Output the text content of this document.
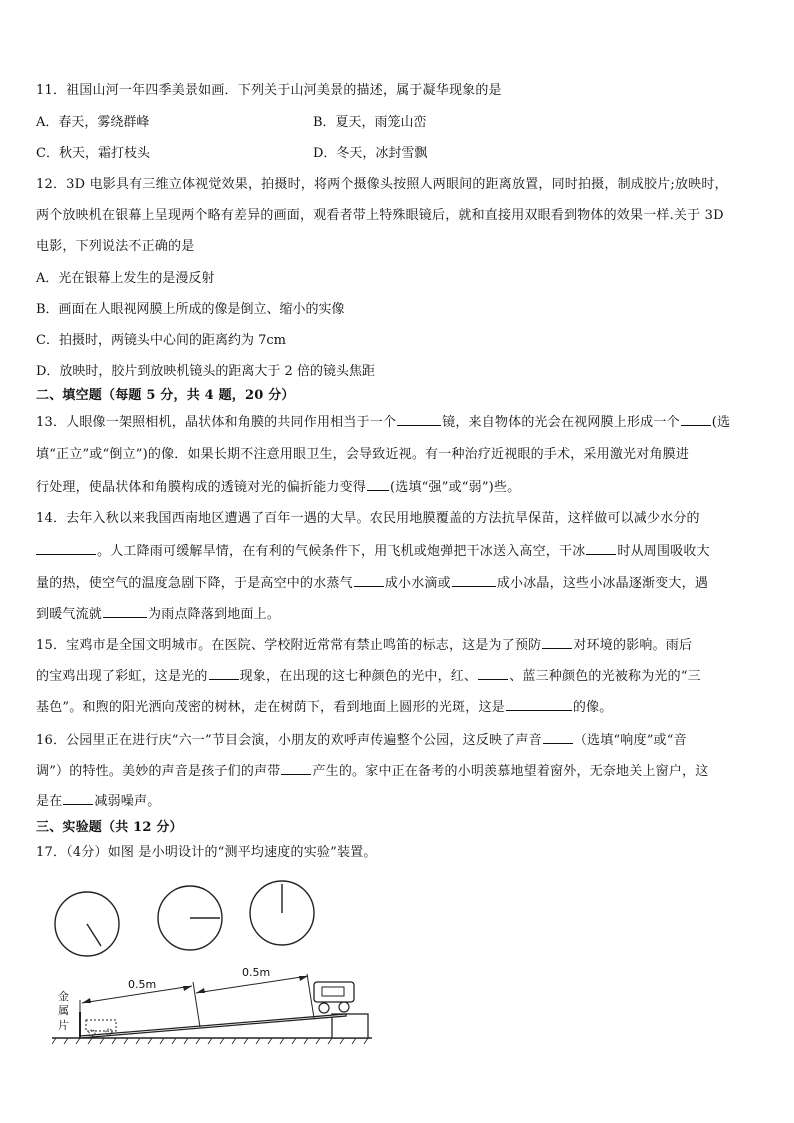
11．祖国山河一年四季美景如画．下列关于山河美景的描述，属于凝华现象的是
A．春天，雾绕群峰	B．夏天，雨笼山峦
C．秋天，霜打枝头	D．冬天，冰封雪飘
12．3D 电影具有三维立体视觉效果，拍摄时，将两个摄像头按照人两眼间的距离放置，同时拍摄，制成胶片;放映时，
两个放映机在银幕上呈现两个略有差异的画面，观看者带上特殊眼镜后，就和直接用双眼看到物体的效果一样.关于 3D
电影，下列说法不正确的是
A．光在银幕上发生的是漫反射
B．画面在人眼视网膜上所成的像是倒立、缩小的实像
C．拍摄时，两镜头中心间的距离约为 7cm
D．放映时，胶片到放映机镜头的距离大于 2 倍的镜头焦距
二、填空题（每题 5 分，共 4 题，20 分）
13．人眼像一架照相机，晶状体和角膜的共同作用相当于一个	镜，来自物体的光会在视网膜上形成一个 (选
填“正立”或“倒立”)的像．如果长期不注意用眼卫生，会导致近视。有一种治疗近视眼的手术，采用激光对角膜进
行处理，使晶状体和角膜构成的透镜对光的偏折能力变得 (选填“强”或“弱”)些。
14．去年入秋以来我国西南地区遭遇了百年一遇的大旱。农民用地膜覆盖的方法抗旱保苗，这样做可以减少水分的
。人工降雨可缓解旱情，在有利的气候条件下，用飞机或炮弹把干冰送入高空，干冰 时从周围吸收大
量的热，使空气的温度急剧下降，于是高空中的水蒸气 成小水滴或	成小冰晶，这些小冰晶逐渐变大，遇
到暖气流就	为雨点降落到地面上。
15．宝鸡市是全国文明城市。在医院、学校附近常常有禁止鸣笛的标志，这是为了预防 对环境的影响。雨后
的宝鸡出现了彩虹，这是光的 现象，在出现的这七种颜色的光中，红、 、蓝三种颜色的光被称为光的“三
基色”。和煦的阳光洒向茂密的树林，走在树荫下，看到地面上圆形的光斑，这是	的像。
16．公园里正在进行庆“六一”节目会演，小朋友的欢呼声传遍整个公园，这反映了声音 （选填“响度”或“音
调”）的特性。美妙的声音是孩子们的声带 产生的。家中正在备考的小明羡慕地望着窗外，无奈地关上窗户，这
是在 减弱噪声。
三、实验题（共 12 分）
17．（4分）如图 是小明设计的“测平均速度的实验”装置。
0.5m
0.5m
金
属
片
